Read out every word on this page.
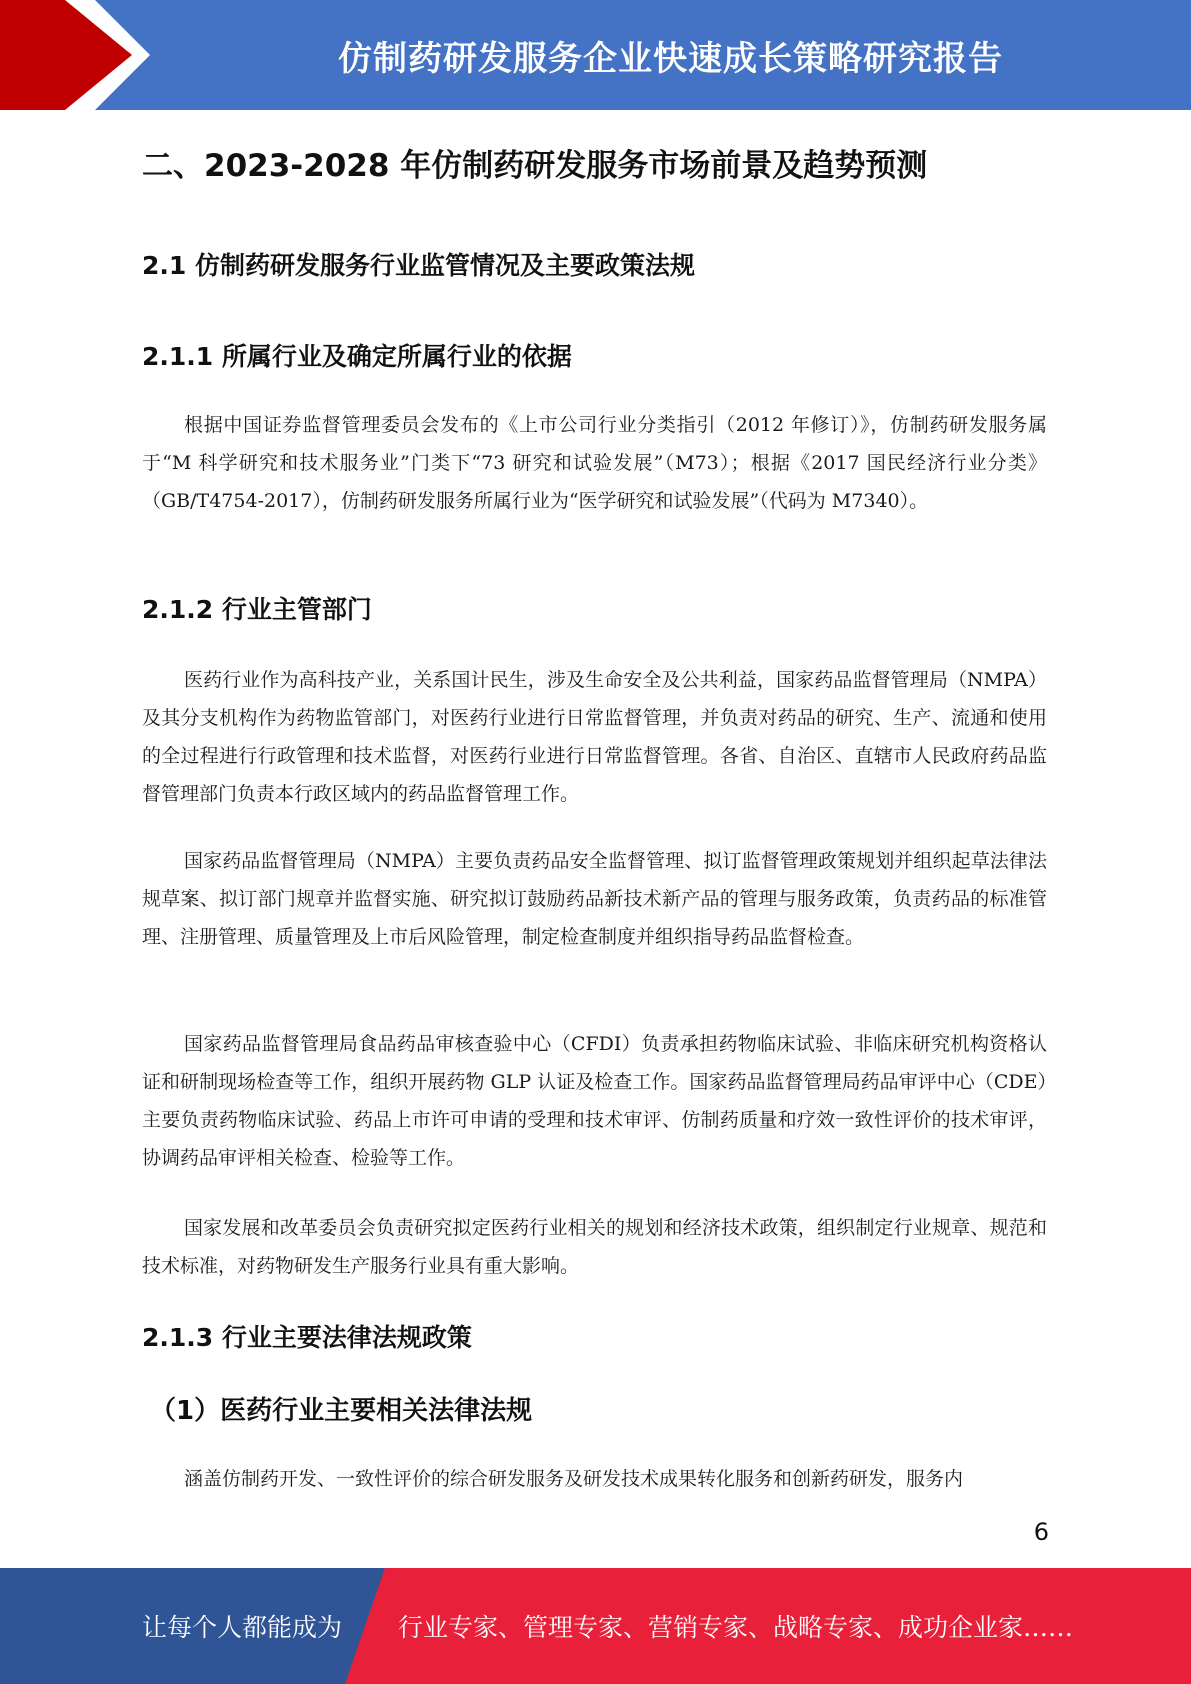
仿制药研发服务企业快速成长策略研究报告
二、2023-2028 年仿制药研发服务市场前景及趋势预测
2.1 仿制药研发服务行业监管情况及主要政策法规
2.1.1 所属行业及确定所属行业的依据

根据中国证券监督管理委员会发布的《上市公司行业分类指引（2012 年修订）》，仿制药研发服务属于“M 科学研究和技术服务业”门类下“73 研究和试验发展”（M73）；根据《2017 国民经济行业分类》（GB/T4754-2017），仿制药研发服务所属行业为“医学研究和试验发展”（代码为 M7340）。

2.1.2 行业主管部门

医药行业作为高科技产业，关系国计民生，涉及生命安全及公共利益，国家药品监督管理局（NMPA）及其分支机构作为药物监管部门，对医药行业进行日常监督管理，并负责对药品的研究、生产、流通和使用的全过程进行行政管理和技术监督，对医药行业进行日常监督管理。各省、自治区、直辖市人民政府药品监督管理部门负责本行政区域内的药品监督管理工作。

国家药品监督管理局（NMPA）主要负责药品安全监督管理、拟订监督管理政策规划并组织起草法律法规草案、拟订部门规章并监督实施、研究拟订鼓励药品新技术新产品的管理与服务政策，负责药品的标准管理、注册管理、质量管理及上市后风险管理，制定检查制度并组织指导药品监督检查。

国家药品监督管理局食品药品审核查验中心（CFDI）负责承担药物临床试验、非临床研究机构资格认证和研制现场检查等工作，组织开展药物 GLP 认证及检查工作。国家药品监督管理局药品审评中心（CDE）主要负责药物临床试验、药品上市许可申请的受理和技术审评、仿制药质量和疗效一致性评价的技术审评，协调药品审评相关检查、检验等工作。

国家发展和改革委员会负责研究拟定医药行业相关的规划和经济技术政策，组织制定行业规章、规范和技术标准，对药物研发生产服务行业具有重大影响。

2.1.3 行业主要法律法规政策
（1）医药行业主要相关法律法规

涵盖仿制药开发、一致性评价的综合研发服务及研发技术成果转化服务和创新药研发，服务内

6
让每个人都能成为 行业专家、管理专家、营销专家、战略专家、成功企业家……
